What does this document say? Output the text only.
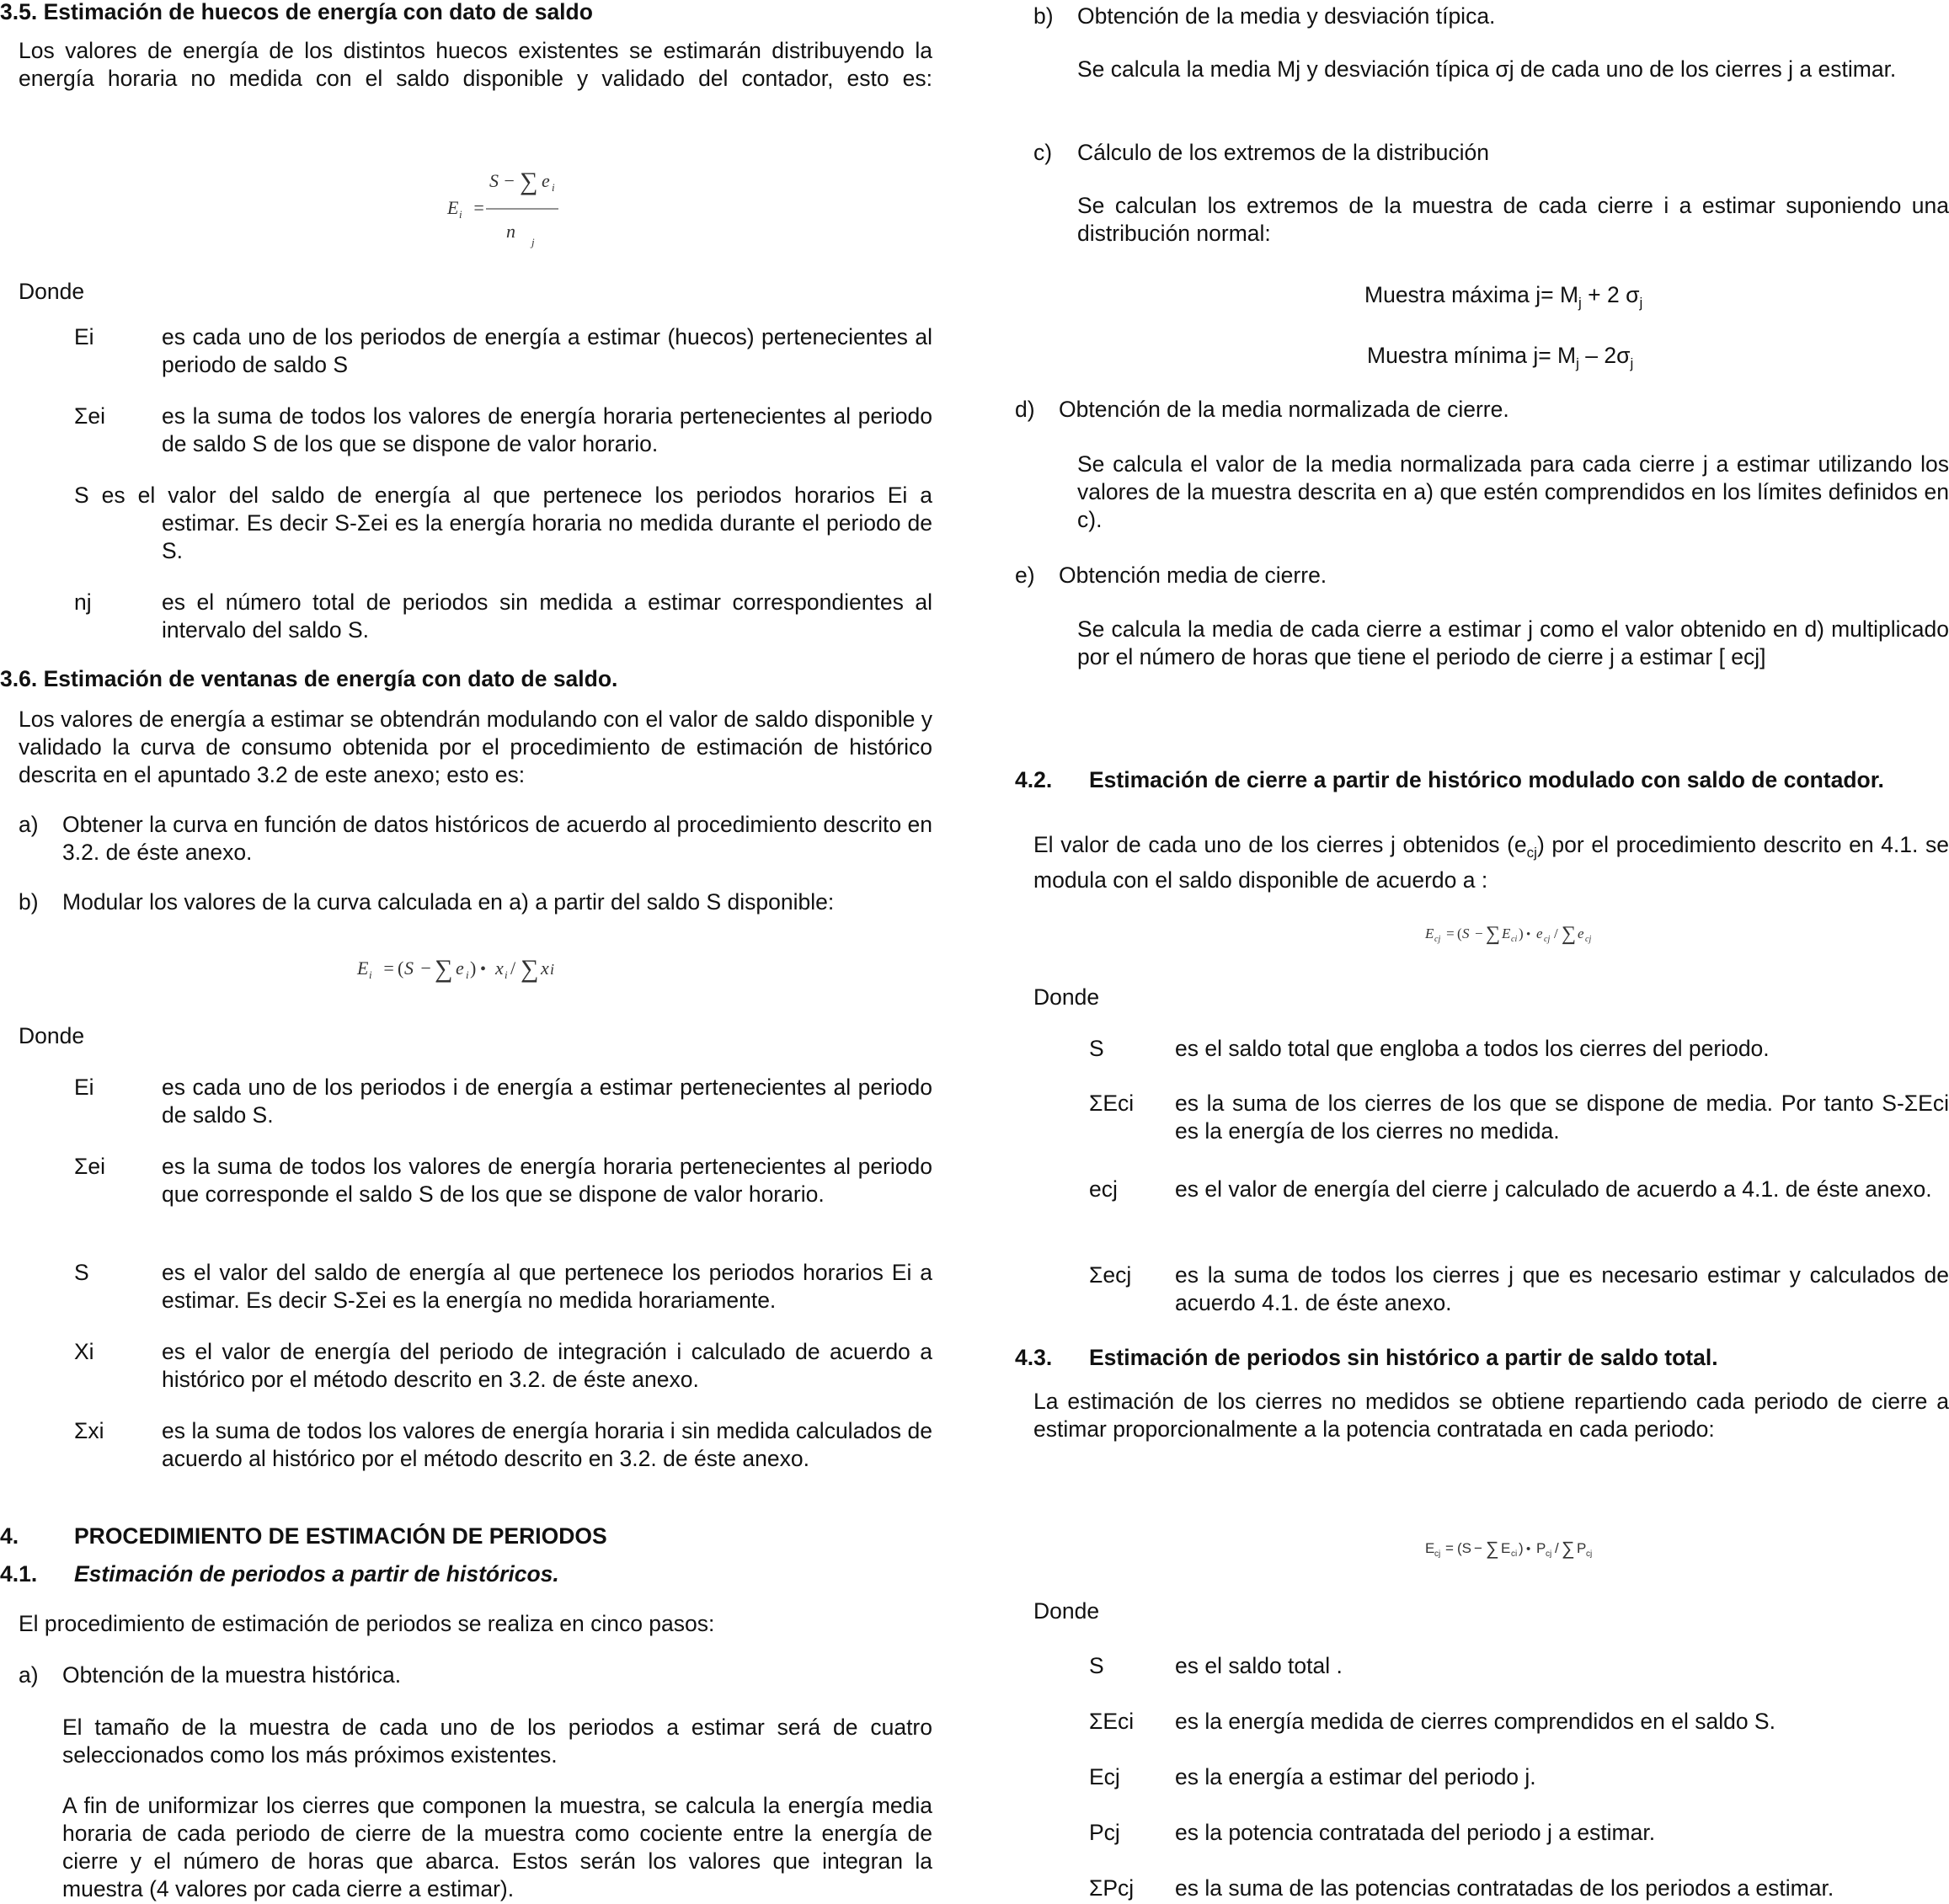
3.5. Estimación de huecos de energía con dato de saldo
Los valores de energía de los distintos huecos existentes se estimarán distribuyendo la energía horaria no medida con el saldo disponible y validado del contador, esto es:
S − ∑ e i
E i =
n
j
Donde
Ei	es cada uno de los periodos de energía a estimar (huecos) pertenecientes al periodo de saldo S
Σei	es la suma de todos los valores de energía horaria pertenecientes al periodo de saldo S de los que se dispone de valor horario.
S es el valor del saldo de energía al que pertenece los periodos horarios Ei a
estimar. Es decir S-Σei es la energía horaria no medida durante el periodo de S.
nj	es el número total de periodos sin medida a estimar correspondientes al intervalo del saldo S.
3.6. Estimación de ventanas de energía con dato de saldo.
Los valores de energía a estimar se obtendrán modulando con el valor de saldo disponible y validado la curva de consumo obtenida por el procedimiento de estimación de histórico descrita en el apuntado 3.2 de este anexo; esto es:
a) Obtener la curva en función de datos históricos de acuerdo al procedimiento descrito en 3.2. de éste anexo.
b) Modular los valores de la curva calculada en a) a partir del saldo S disponible:
E i = ( S − ∑ e i ) • x i / ∑ x i
Donde
Ei	es cada uno de los periodos i de energía a estimar pertenecientes al periodo de saldo S.
Σei	es la suma de todos los valores de energía horaria pertenecientes al periodo que corresponde el saldo S de los que se dispone de valor horario.
S	es el valor del saldo de energía al que pertenece los periodos horarios Ei a estimar. Es decir S-Σei es la energía no medida horariamente.
Xi	es el valor de energía del periodo de integración i calculado de acuerdo a histórico por el método descrito en 3.2. de éste anexo.
Σxi	es la suma de todos los valores de energía horaria i sin medida calculados de acuerdo al histórico por el método descrito en 3.2. de éste anexo.
4. PROCEDIMIENTO DE ESTIMACIÓN DE PERIODOS
4.1. Estimación de periodos a partir de históricos.
El procedimiento de estimación de periodos se realiza en cinco pasos:
a) Obtención de la muestra histórica.
El tamaño de la muestra de cada uno de los periodos a estimar será de cuatro seleccionados como los más próximos existentes.
A fin de uniformizar los cierres que componen la muestra, se calcula la energía media horaria de cada periodo de cierre de la muestra como cociente entre la energía de cierre y el número de horas que abarca. Estos serán los valores que integran la muestra (4 valores por cada cierre a estimar).
b) Obtención de la media y desviación típica.
Se calcula la media Mj y desviación típica σj de cada uno de los cierres j a estimar.
c) Cálculo de los extremos de la distribución
Se calculan los extremos de la muestra de cada cierre i a estimar suponiendo una distribución normal:
Muestra máxima $j= M_j + 2$ $\sigma_j$
Muestra mínima $j= M_j - 2\sigma_j$
d) Obtención de la media normalizada de cierre.
Se calcula el valor de la media normalizada para cada cierre j a estimar utilizando los valores de la muestra descrita en a) que estén comprendidos en los límites definidos en c).
e) Obtención media de cierre.
Se calcula la media de cada cierre a estimar j como el valor obtenido en d) multiplicado por el número de horas que tiene el periodo de cierre j a estimar [ ecj]
4.2. Estimación de cierre a partir de histórico modulado con saldo de contador.
El valor de cada uno de los cierres j obtenidos $(e_{cj})$ por el procedimiento descrito en 4.1. se modula con el saldo disponible de acuerdo a :
E cj = ( S − ∑ E ci ) • e cj / ∑ e cj
Donde
S	es el saldo total que engloba a todos los cierres del periodo.
ΣEci es la suma de los cierres de los que se dispone de media. Por tanto S-ΣEci es la energía de los cierres no medida.
ecj	es el valor de energía del cierre j calculado de acuerdo a 4.1. de éste anexo.
Σecj es la suma de todos los cierres j que es necesario estimar y calculados de acuerdo 4.1. de éste anexo.
4.3. Estimación de periodos sin histórico a partir de saldo total.
La estimación de los cierres no medidos se obtiene repartiendo cada periodo de cierre a estimar proporcionalmente a la potencia contratada en cada periodo:
E cj = (S − ∑ E ci ) • P cj / ∑ P cj
Donde
S	es el saldo total .
ΣEci es la energía medida de cierres comprendidos en el saldo S.
Ecj es la energía a estimar del periodo j.
Pcj es la potencia contratada del periodo j a estimar.
ΣPcj es la suma de las potencias contratadas de los periodos a estimar.
